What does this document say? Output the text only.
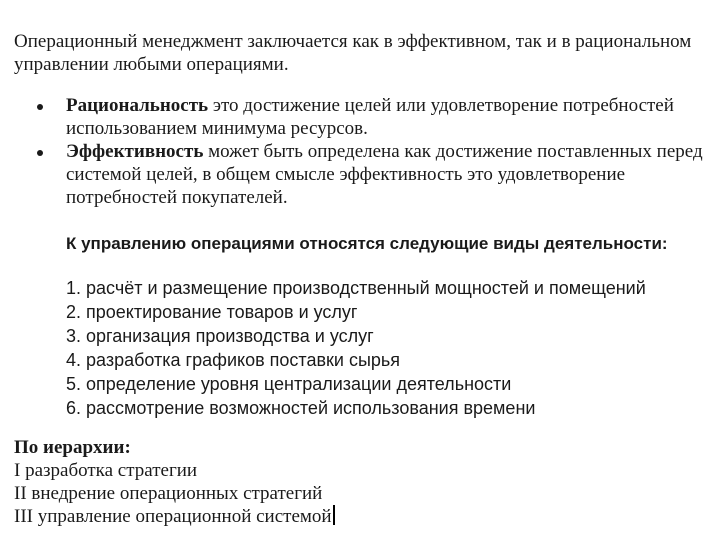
Операционный менеджмент заключается как в эффективном, так и в рациональном управлении любыми операциями.

Рациональность это достижение целей или удовлетворение потребностей использованием минимума ресурсов.
Эффективность может быть определена как достижение поставленных перед системой целей, в общем смысле эффективность это удовлетворение потребностей покупателей.

К управлению операциями относятся следующие виды деятельности:

1. расчёт и размещение производственный мощностей и помещений
2. проектирование товаров и услуг
3. организация производства и услуг
4. разработка графиков поставки сырья
5. определение уровня централизации деятельности
6. рассмотрение возможностей использования времени
По иерархии:
I разработка стратегии
II внедрение операционных стратегий
III управление операционной системой
